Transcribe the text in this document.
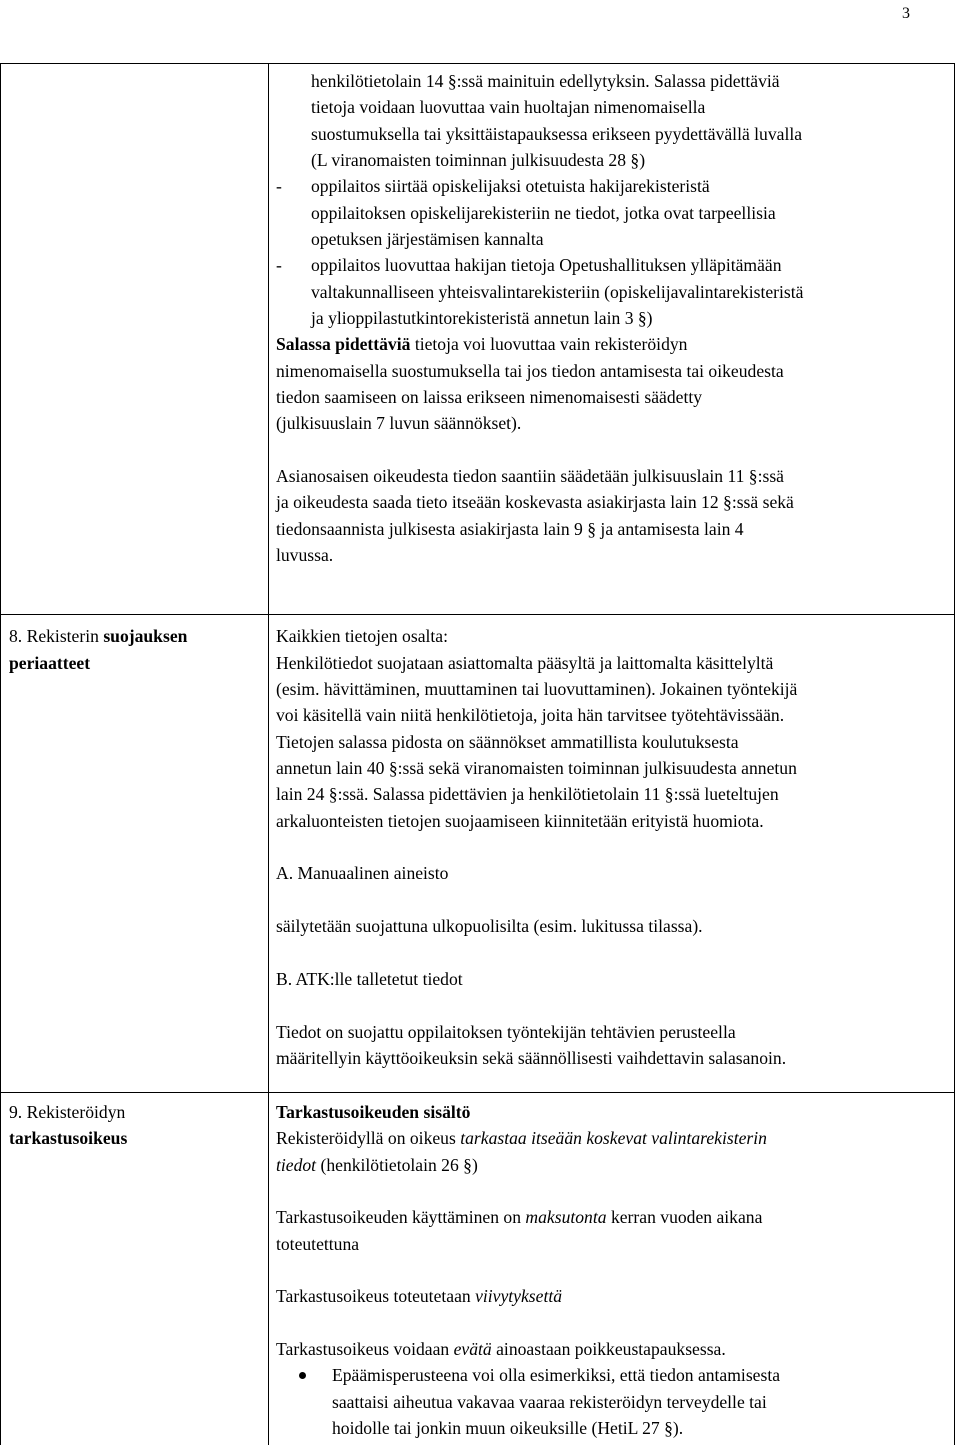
3
henkilötietolain 14 §:ssä mainituin edellytyksin. Salassa pidettäviä
tietoja voidaan luovuttaa vain huoltajan nimenomaisella
suostumuksella tai yksittäistapauksessa erikseen pyydettävällä luvalla
(L viranomaisten toiminnan julkisuudesta 28 §)
- oppilaitos siirtää opiskelijaksi otetuista hakijarekisteristä
oppilaitoksen opiskelijarekisteriin ne tiedot, jotka ovat tarpeellisia
opetuksen järjestämisen kannalta
- oppilaitos luovuttaa hakijan tietoja Opetushallituksen ylläpitämään
valtakunnalliseen yhteisvalintarekisteriin (opiskelijavalintarekisteristä
ja ylioppilastutkintorekisteristä annetun lain 3 §)
Salassa pidettäviä tietoja voi luovuttaa vain rekisteröidyn
nimenomaisella suostumuksella tai jos tiedon antamisesta tai oikeudesta
tiedon saamiseen on laissa erikseen nimenomaisesti säädetty
(julkisuuslain 7 luvun säännökset).
Asianosaisen oikeudesta tiedon saantiin säädetään julkisuuslain 11 §:ssä
ja oikeudesta saada tieto itseään koskevasta asiakirjasta lain 12 §:ssä sekä
tiedonsaannista julkisesta asiakirjasta lain 9 § ja antamisesta lain 4
luvussa.
8. Rekisterin suojauksen
periaatteet
Kaikkien tietojen osalta:
Henkilötiedot suojataan asiattomalta pääsyltä ja laittomalta käsittelyltä
(esim. hävittäminen, muuttaminen tai luovuttaminen). Jokainen työntekijä
voi käsitellä vain niitä henkilötietoja, joita hän tarvitsee työtehtävissään.
Tietojen salassa pidosta on säännökset ammatillista koulutuksesta
annetun lain 40 §:ssä sekä viranomaisten toiminnan julkisuudesta annetun
lain 24 §:ssä. Salassa pidettävien ja henkilötietolain 11 §:ssä lueteltujen
arkaluonteisten tietojen suojaamiseen kiinnitetään erityistä huomiota.
A. Manuaalinen aineisto
säilytetään suojattuna ulkopuolisilta (esim. lukitussa tilassa).
B. ATK:lle talletetut tiedot
Tiedot on suojattu oppilaitoksen työntekijän tehtävien perusteella
määritellyin käyttöoikeuksin sekä säännöllisesti vaihdettavin salasanoin.
9. Rekisteröidyn
tarkastusoikeus
Tarkastusoikeuden sisältö
Rekisteröidyllä on oikeus tarkastaa itseään koskevat valintarekisterin
tiedot (henkilötietolain 26 §)
Tarkastusoikeuden käyttäminen on maksutonta kerran vuoden aikana
toteutettuna
Tarkastusoikeus toteutetaan viivytyksettä
Tarkastusoikeus voidaan evätä ainoastaan poikkeustapauksessa.
Epäämisperusteena voi olla esimerkiksi, että tiedon antamisesta
saattaisi aiheutua vakavaa vaaraa rekisteröidyn terveydelle tai
hoidolle tai jonkin muun oikeuksille (HetiL 27 §).
